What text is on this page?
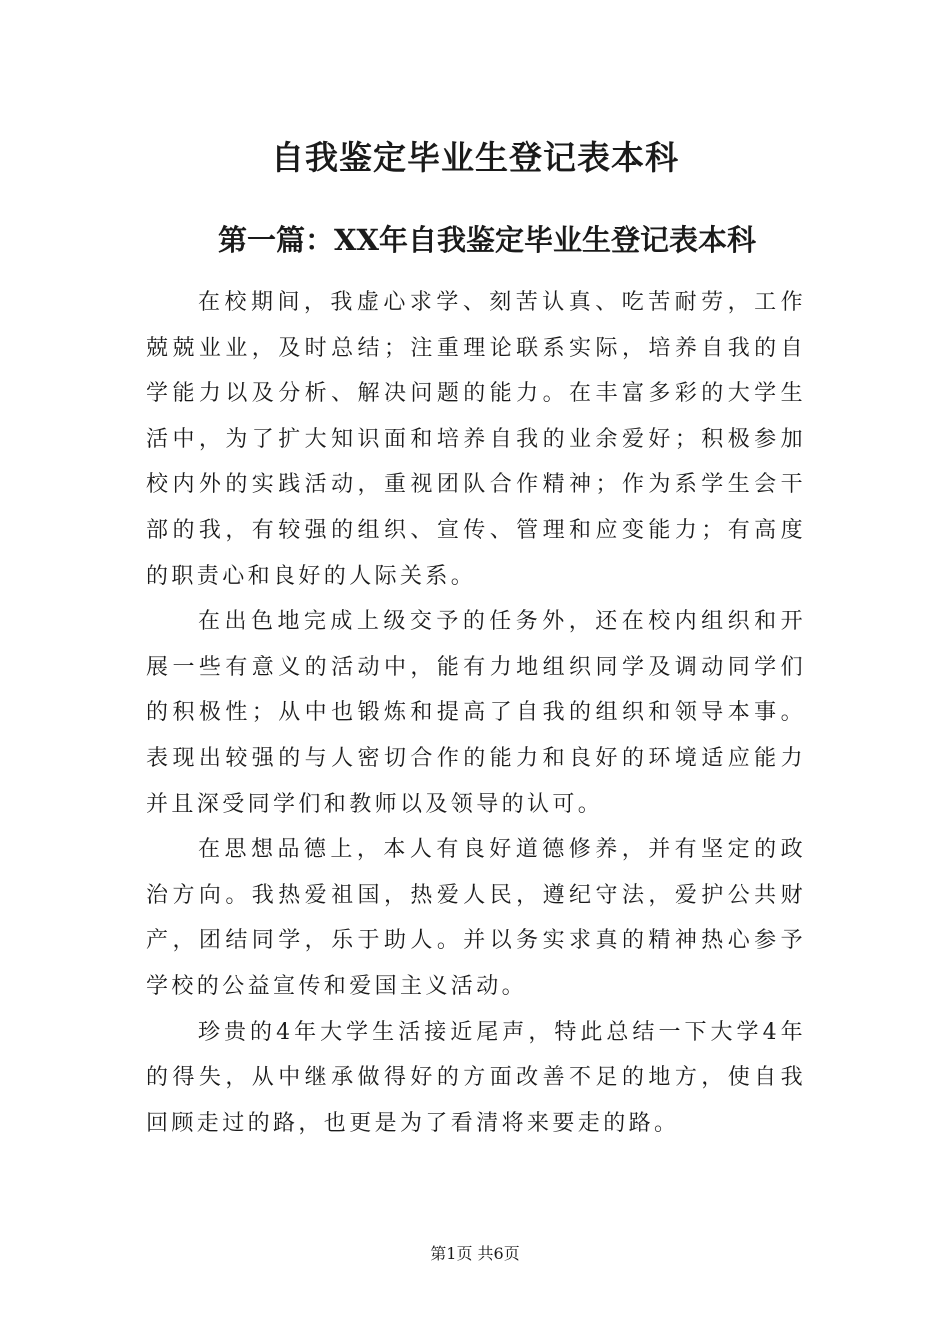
自我鉴定毕业生登记表本科
第一篇：XX年自我鉴定毕业生登记表本科

在校期间，我虚心求学、刻苦认真、吃苦耐劳，工作兢兢业业，及时总结；注重理论联系实际，培养自我的自学能力以及分析、解决问题的能力。在丰富多彩的大学生活中，为了扩大知识面和培养自我的业余爱好；积极参加校内外的实践活动，重视团队合作精神；作为系学生会干部的我，有较强的组织、宣传、管理和应变能力；有高度的职责心和良好的人际关系。

在出色地完成上级交予的任务外，还在校内组织和开展一些有意义的活动中，能有力地组织同学及调动同学们的积极性；从中也锻炼和提高了自我的组织和领导本事。表现出较强的与人密切合作的能力和良好的环境适应能力并且深受同学们和教师以及领导的认可。

在思想品德上，本人有良好道德修养，并有坚定的政治方向。我热爱祖国，热爱人民，遵纪守法，爱护公共财产，团结同学，乐于助人。并以务实求真的精神热心参予学校的公益宣传和爱国主义活动。

珍贵的4年大学生活接近尾声，特此总结一下大学4年的得失，从中继承做得好的方面改善不足的地方，使自我回顾走过的路，也更是为了看清将来要走的路。

第1页 共6页
